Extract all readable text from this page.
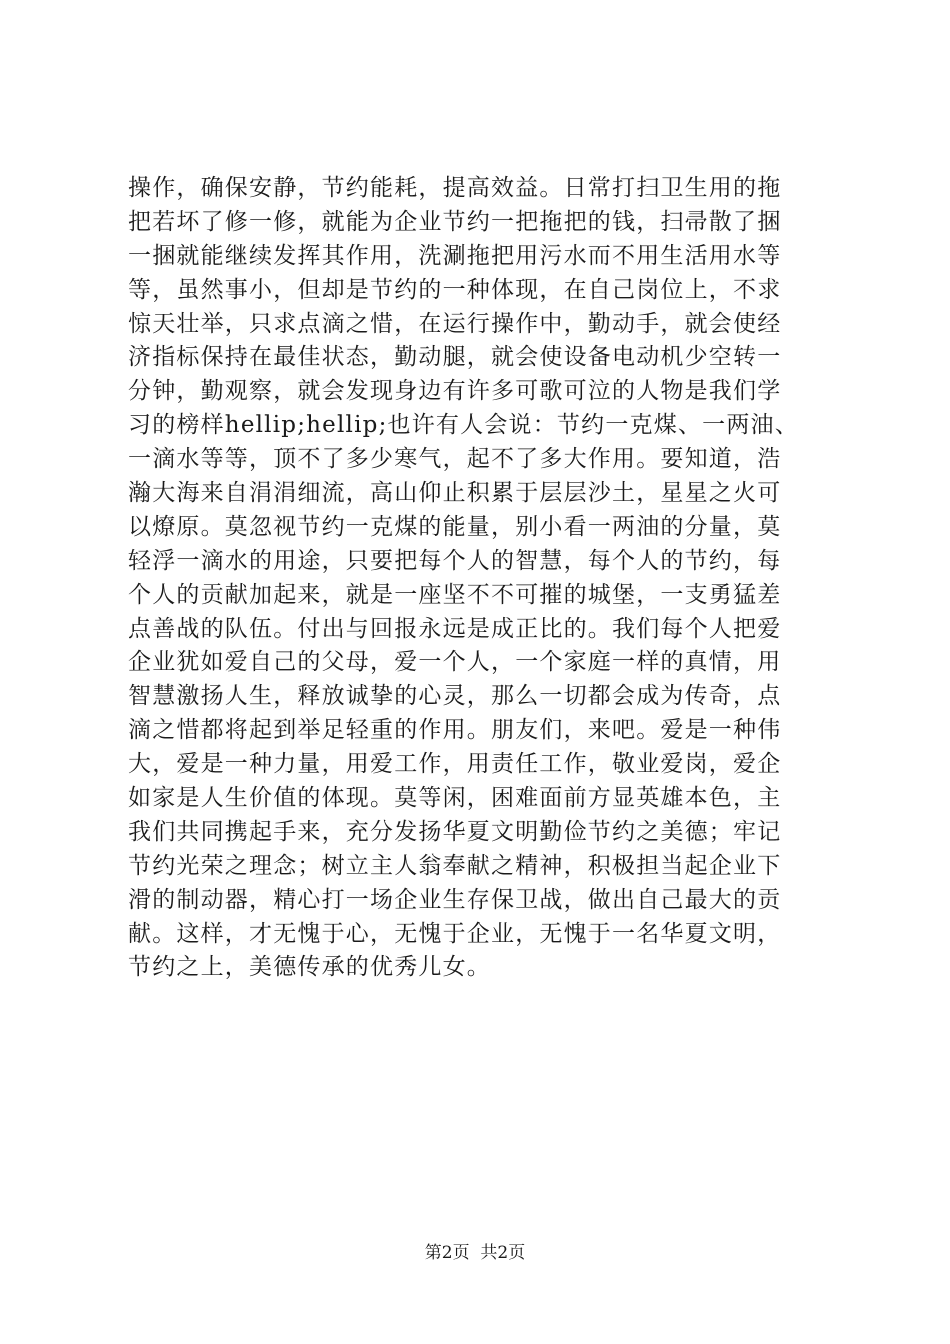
操作，确保安静，节约能耗，提高效益。日常打扫卫生用的拖
把若坏了修一修，就能为企业节约一把拖把的钱，扫帚散了捆
一捆就能继续发挥其作用，洗涮拖把用污水而不用生活用水等
等，虽然事小，但却是节约的一种体现，在自己岗位上，不求
惊天壮举，只求点滴之惜，在运行操作中，勤动手，就会使经
济指标保持在最佳状态，勤动腿，就会使设备电动机少空转一
分钟，勤观察，就会发现身边有许多可歌可泣的人物是我们学
习的榜样hellip;hellip;也许有人会说：节约一克煤、一两油、
一滴水等等，顶不了多少寒气，起不了多大作用。要知道，浩
瀚大海来自涓涓细流，高山仰止积累于层层沙土，星星之火可
以燎原。莫忽视节约一克煤的能量，别小看一两油的分量，莫
轻浮一滴水的用途，只要把每个人的智慧，每个人的节约，每
个人的贡献加起来，就是一座坚不不可摧的城堡，一支勇猛差
点善战的队伍。付出与回报永远是成正比的。我们每个人把爱
企业犹如爱自己的父母，爱一个人，一个家庭一样的真情，用
智慧激扬人生，释放诚挚的心灵，那么一切都会成为传奇，点
滴之惜都将起到举足轻重的作用。朋友们，来吧。爱是一种伟
大，爱是一种力量，用爱工作，用责任工作，敬业爱岗，爱企
如家是人生价值的体现。莫等闲，困难面前方显英雄本色，主
我们共同携起手来，充分发扬华夏文明勤俭节约之美德；牢记
节约光荣之理念；树立主人翁奉献之精神，积极担当起企业下
滑的制动器，精心打一场企业生存保卫战，做出自己最大的贡
献。这样，才无愧于心，无愧于企业，无愧于一名华夏文明，
节约之上，美德传承的优秀儿女。
第2页  共2页
